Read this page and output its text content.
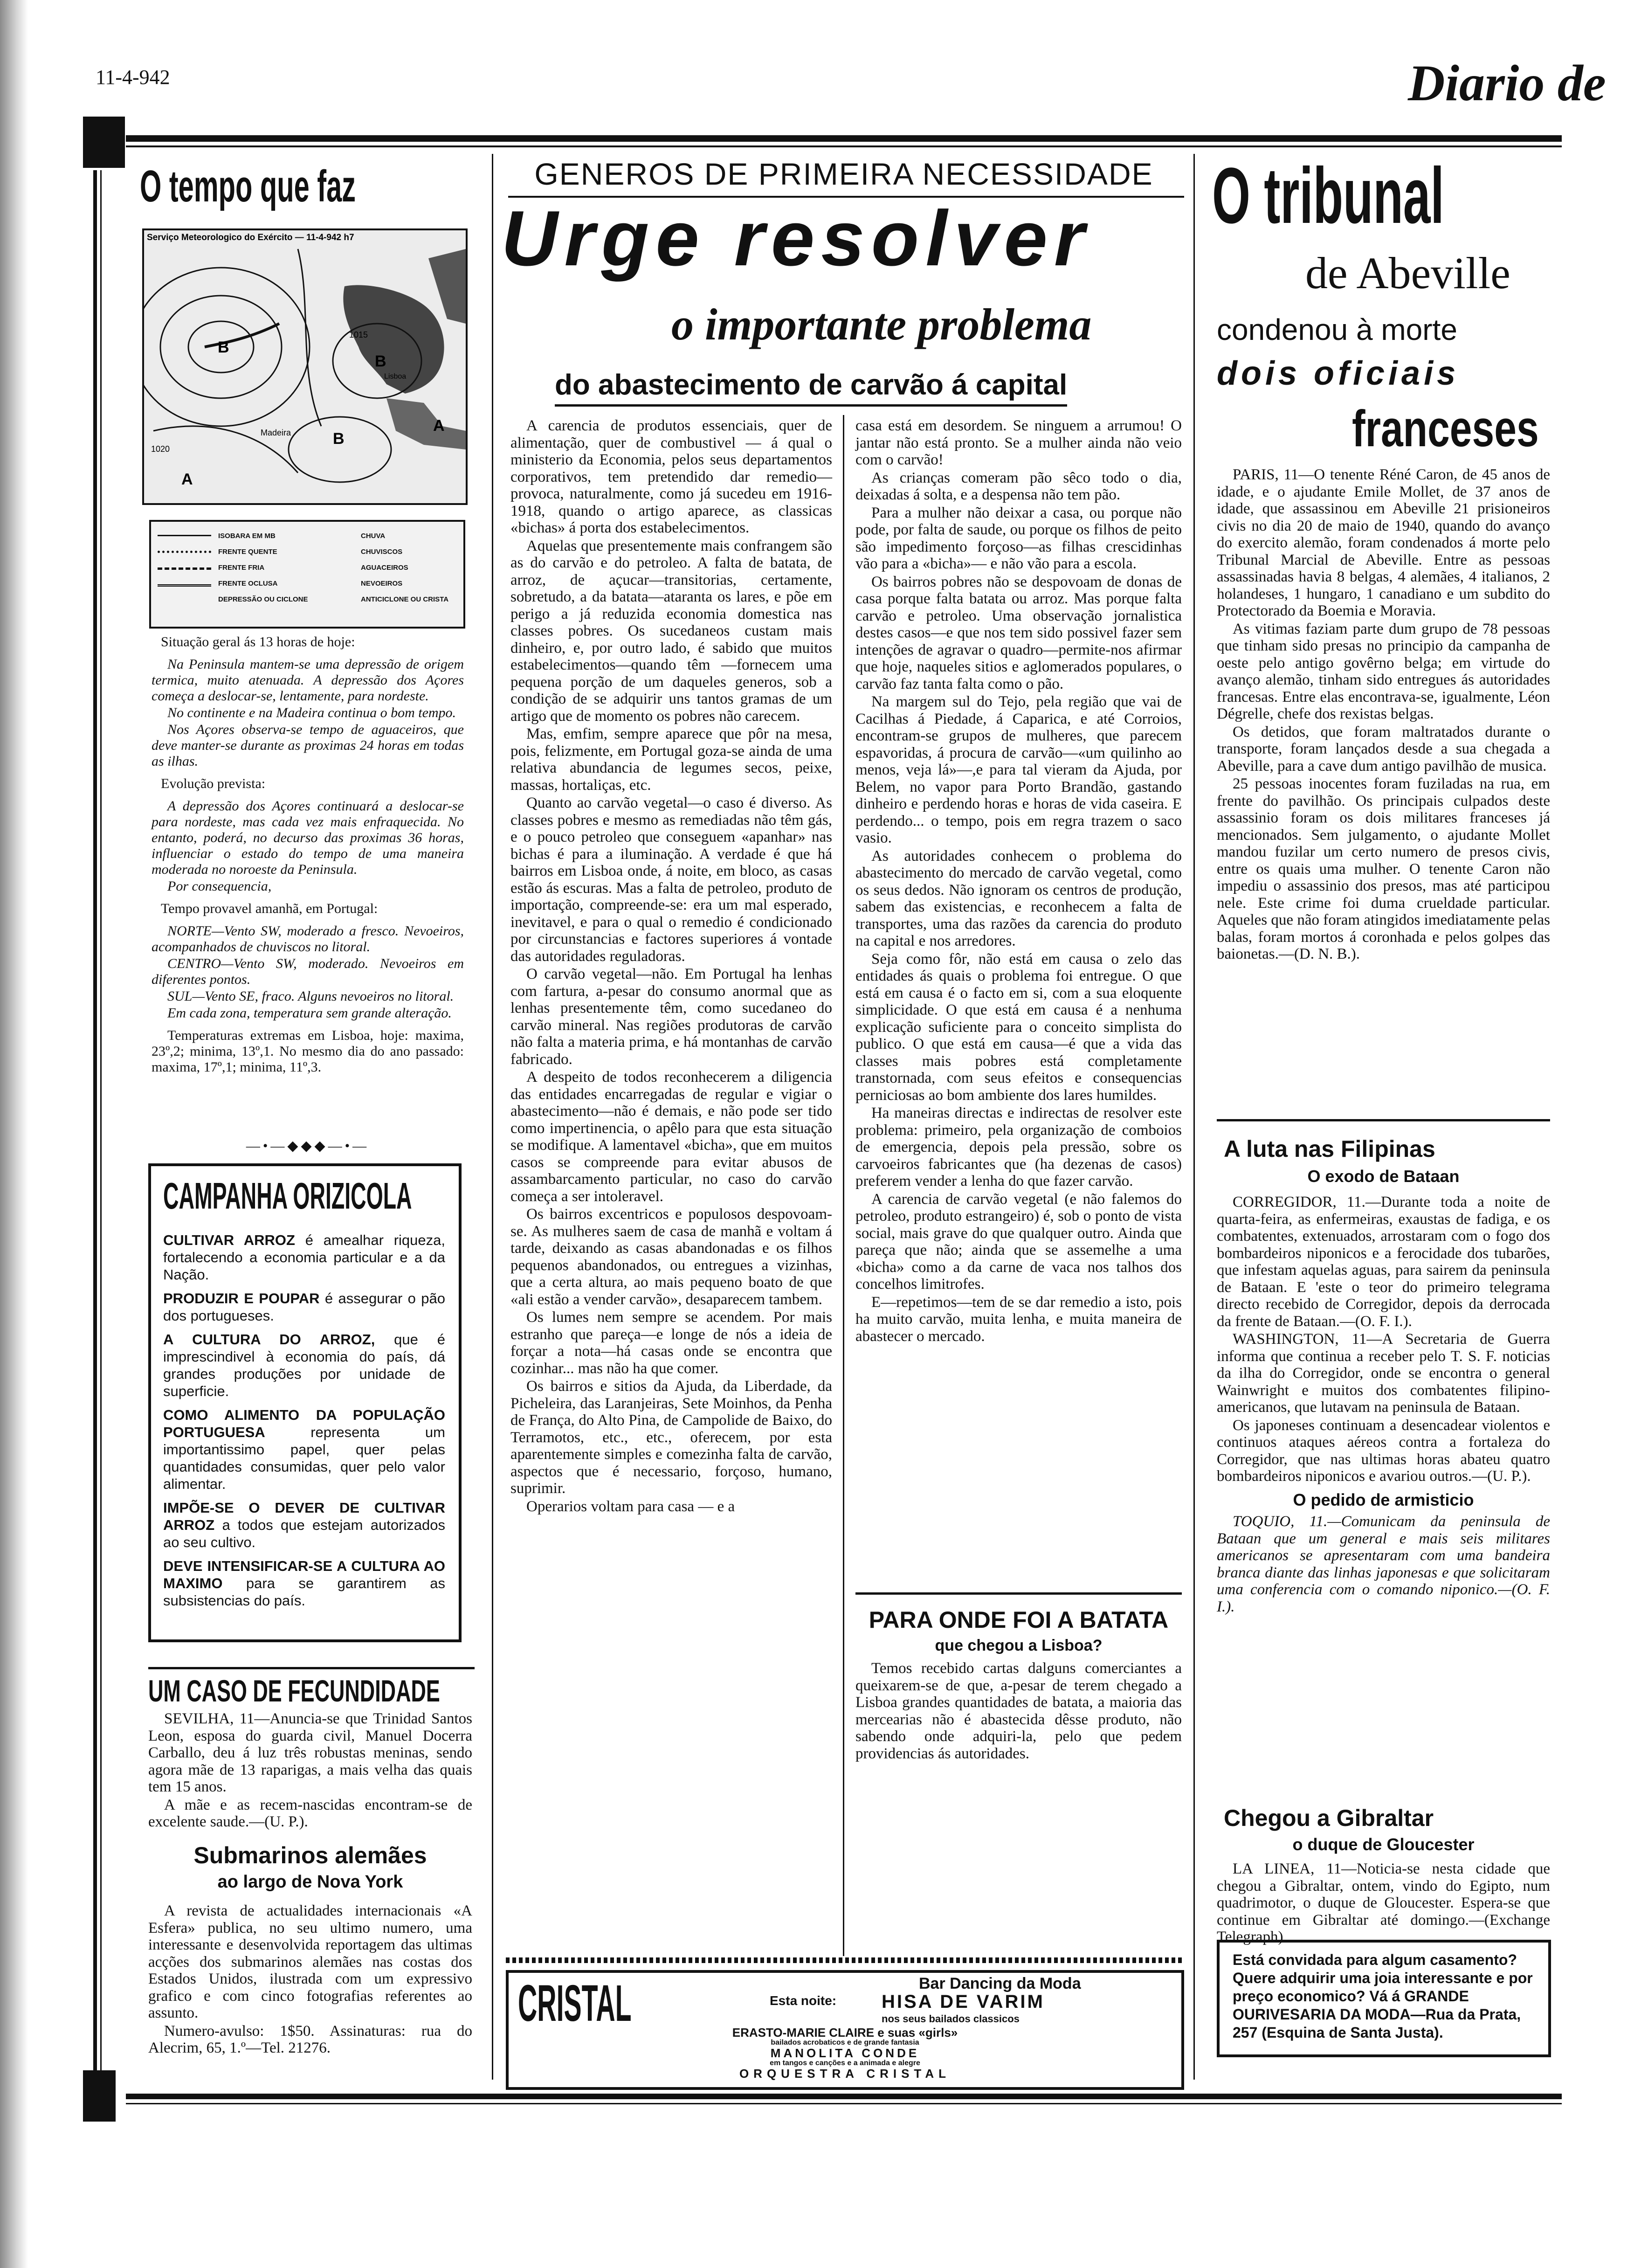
11-4-942	Diario de
O tempo que faz
B
B
B
A
A
Lisboa
Madeira
1020
1015
Serviço Meteorologico do Exército — 11-4-942 h7
ISOBARA EM MB
FRENTE QUENTE
FRENTE FRIA
FRENTE OCLUSA
DEPRESSÃO OU CICLONE
CHUVA
CHUVISCOS
AGUACEIROS
NEVOEIROS
ANTICICLONE OU CRISTA

Situação geral ás 13 horas de hoje:

Na Peninsula mantem-se uma depressão de origem termica, muito atenuada. A depressão dos Açores começa a deslocar-se, lentamente, para nordeste.

No continente e na Madeira continua o bom tempo.

Nos Açores observa-se tempo de aguaceiros, que deve manter-se durante as proximas 24 horas em todas as ilhas.

Evolução prevista:

A depressão dos Açores continuará a deslocar-se para nordeste, mas cada vez mais enfraquecida. No entanto, poderá, no decurso das proximas 36 horas, influenciar o estado do tempo de uma maneira moderada no noroeste da Peninsula.

Por consequencia,

Tempo provavel amanhã, em Portugal:

NORTE—Vento SW, moderado a fresco. Nevoeiros, acompanhados de chuviscos no litoral.

CENTRO—Vento SW, moderado. Nevoeiros em diferentes pontos.

SUL—Vento SE, fraco. Alguns nevoeiros no litoral.

Em cada zona, temperatura sem grande alteração.

Temperaturas extremas em Lisboa, hoje: maxima, 23º,2; minima, 13º,1. No mesmo dia do ano passado: maxima, 17º,1; minima, 11º,3.

—•—◆◆◆—•—
CAMPANHA ORIZICOLA
CULTIVAR ARROZ é amealhar riqueza, fortalecendo a economia particular e a da Nação.
PRODUZIR E POUPAR é assegurar o pão dos portugueses.
A CULTURA DO ARROZ, que é imprescindivel à economia do país, dá grandes produções por unidade de superficie.
COMO ALIMENTO DA POPULAÇÃO PORTUGUESA representa um importantissimo papel, quer pelas quantidades consumidas, quer pelo valor alimentar.
IMPÕE-SE O DEVER DE CULTIVAR ARROZ a todos que estejam autorizados ao seu cultivo.
DEVE INTENSIFICAR-SE A CULTURA AO MAXIMO para se garantirem as subsistencias do país.
UM CASO DE FECUNDIDADE

SEVILHA, 11—Anuncia-se que Trinidad Santos Leon, esposa do guarda civil, Manuel Docerra Carballo, deu á luz três robustas meninas, sendo agora mãe de 13 raparigas, a mais velha das quais tem 15 anos.

A mãe e as recem-nascidas encontram-se de excelente saude.—(U. P.).

Submarinos alemães
ao largo de Nova York

A revista de actualidades internacionais «A Esfera» publica, no seu ultimo numero, uma interessante e desenvolvida reportagem das ultimas acções dos submarinos alemães nas costas dos Estados Unidos, ilustrada com um expressivo grafico e com cinco fotografias referentes ao assunto.

Numero-avulso: 1$50. Assinaturas: rua do Alecrim, 65, 1.º—Tel. 21276.

GENEROS DE PRIMEIRA NECESSIDADE
Urge resolver
o importante problema
do abastecimento de carvão á capital

A carencia de produtos essenciais, quer de alimentação, quer de combustivel — á qual o ministerio da Economia, pelos seus departamentos corporativos, tem pretendido dar remedio—provoca, naturalmente, como já sucedeu em 1916-1918, quando o artigo aparece, as classicas «bichas» á porta dos estabelecimentos.

Aquelas que presentemente mais confrangem são as do carvão e do petroleo. A falta de batata, de arroz, de açucar—transitorias, certamente, sobretudo, a da batata—ataranta os lares, e põe em perigo a já reduzida economia domestica nas classes pobres. Os sucedaneos custam mais dinheiro, e, por outro lado, é sabido que muitos estabelecimentos—quando têm —fornecem uma pequena porção de um daqueles generos, sob a condição de se adquirir uns tantos gramas de um artigo que de momento os pobres não carecem.

Mas, emfim, sempre aparece que pôr na mesa, pois, felizmente, em Portugal goza-se ainda de uma relativa abundancia de legumes secos, peixe, massas, hortaliças, etc.

Quanto ao carvão vegetal—o caso é diverso. As classes pobres e mesmo as remediadas não têm gás, e o pouco petroleo que conseguem «apanhar» nas bichas é para a iluminação. A verdade é que há bairros em Lisboa onde, á noite, em bloco, as casas estão ás escuras. Mas a falta de petroleo, produto de importação, compreende-se: era um mal esperado, inevitavel, e para o qual o remedio é condicionado por circunstancias e factores superiores á vontade das autoridades reguladoras.

O carvão vegetal—não. Em Portugal ha lenhas com fartura, a-pesar do consumo anormal que as lenhas presentemente têm, como sucedaneo do carvão mineral. Nas regiões produtoras de carvão não falta a materia prima, e há montanhas de carvão fabricado.

A despeito de todos reconhecerem a diligencia das entidades encarregadas de regular e vigiar o abastecimento—não é demais, e não pode ser tido como impertinencia, o apêlo para que esta situação se modifique. A lamentavel «bicha», que em muitos casos se compreende para evitar abusos de assambarcamento particular, no caso do carvão começa a ser intoleravel.

Os bairros excentricos e populosos despovoam-se. As mulheres saem de casa de manhã e voltam á tarde, deixando as casas abandonadas e os filhos pequenos abandonados, ou entregues a vizinhas, que a certa altura, ao mais pequeno boato de que «ali estão a vender carvão», desaparecem tambem.

Os lumes nem sempre se acendem. Por mais estranho que pareça—e longe de nós a ideia de forçar a nota—há casas onde se encontra que cozinhar... mas não ha que comer.

Os bairros e sitios da Ajuda, da Liberdade, da Picheleira, das Laranjeiras, Sete Moinhos, da Penha de França, do Alto Pina, de Campolide de Baixo, do Terramotos, etc., etc., oferecem, por esta aparentemente simples e comezinha falta de carvão, aspectos que é necessario, forçoso, humano, suprimir.

Operarios voltam para casa — e a

casa está em desordem. Se ninguem a arrumou! O jantar não está pronto. Se a mulher ainda não veio com o carvão!

As crianças comeram pão sêco todo o dia, deixadas á solta, e a despensa não tem pão.

Para a mulher não deixar a casa, ou porque não pode, por falta de saude, ou porque os filhos de peito são impedimento forçoso—as filhas crescidinhas vão para a «bicha»— e não vão para a escola.

Os bairros pobres não se despovoam de donas de casa porque falta batata ou arroz. Mas porque falta carvão e petroleo. Uma observação jornalistica destes casos—e que nos tem sido possivel fazer sem intenções de agravar o quadro—permite-nos afirmar que hoje, naqueles sitios e aglomerados populares, o carvão faz tanta falta como o pão.

Na margem sul do Tejo, pela região que vai de Cacilhas á Piedade, á Caparica, e até Corroios, encontram-se grupos de mulheres, que parecem espavoridas, á procura de carvão—«um quilinho ao menos, veja lá»—,e para tal vieram da Ajuda, por Belem, no vapor para Porto Brandão, gastando dinheiro e perdendo horas e horas de vida caseira. E perdendo... o tempo, pois em regra trazem o saco vasio.

As autoridades conhecem o problema do abastecimento do mercado de carvão vegetal, como os seus dedos. Não ignoram os centros de produção, sabem das existencias, e reconhecem a falta de transportes, uma das razões da carencia do produto na capital e nos arredores.

Seja como fôr, não está em causa o zelo das entidades ás quais o problema foi entregue. O que está em causa é o facto em si, com a sua eloquente simplicidade. O que está em causa é a nenhuma explicação suficiente para o conceito simplista do publico. O que está em causa—é que a vida das classes mais pobres está completamente transtornada, com seus efeitos e consequencias perniciosas ao bom ambiente dos lares humildes.

Ha maneiras directas e indirectas de resolver este problema: primeiro, pela organização de comboios de emergencia, depois pela pressão, sobre os carvoeiros fabricantes que (ha dezenas de casos) preferem vender a lenha do que fazer carvão.

A carencia de carvão vegetal (e não falemos do petroleo, produto estrangeiro) é, sob o ponto de vista social, mais grave do que qualquer outro. Ainda que pareça que não; ainda que se assemelhe a uma «bicha» como a da carne de vaca nos talhos dos concelhos limitrofes.

E—repetimos—tem de se dar remedio a isto, pois ha muito carvão, muita lenha, e muita maneira de abastecer o mercado.

PARA ONDE FOI A BATATA
que chegou a Lisboa?

Temos recebido cartas dalguns comerciantes a queixarem-se de que, a-pesar de terem chegado a Lisboa grandes quantidades de batata, a maioria das mercearias não é abastecida dêsse produto, não sabendo onde adquiri-la, pelo que pedem providencias ás autoridades.

CRISTAL	Bar Dancing da Moda
Esta noite: HISA DE VARIM
nos seus bailados classicos
ERASTO-MARIE CLAIRE e suas «girls»
bailados acrobaticos e de grande fantasia
MANOLITA CONDE
em tangos e canções e a animada e alegre
ORQUESTRA CRISTAL
O tribunal
de Abeville
condenou à morte
dois oficiais
franceses

PARIS, 11—O tenente Réné Caron, de 45 anos de idade, e o ajudante Emile Mollet, de 37 anos de idade, que assassinou em Abeville 21 prisioneiros civis no dia 20 de maio de 1940, quando do avanço do exercito alemão, foram condenados á morte pelo Tribunal Marcial de Abeville. Entre as pessoas assassinadas havia 8 belgas, 4 alemães, 4 italianos, 2 holandeses, 1 hungaro, 1 canadiano e um subdito do Protectorado da Boemia e Moravia.

As vitimas faziam parte dum grupo de 78 pessoas que tinham sido presas no principio da campanha de oeste pelo antigo govêrno belga; em virtude do avanço alemão, tinham sido entregues ás autoridades francesas. Entre elas encontrava-se, igualmente, Léon Dégrelle, chefe dos rexistas belgas.

Os detidos, que foram maltratados durante o transporte, foram lançados desde a sua chegada a Abeville, para a cave dum antigo pavilhão de musica.

25 pessoas inocentes foram fuziladas na rua, em frente do pavilhão. Os principais culpados deste assassinio foram os dois militares franceses já mencionados. Sem julgamento, o ajudante Mollet mandou fuzilar um certo numero de presos civis, entre os quais uma mulher. O tenente Caron não impediu o assassinio dos presos, mas até participou nele. Este crime foi duma crueldade particular. Aqueles que não foram atingidos imediatamente pelas balas, foram mortos á coronhada e pelos golpes das baionetas.—(D. N. B.).

A luta nas Filipinas
O exodo de Bataan

CORREGIDOR, 11.—Durante toda a noite de quarta-feira, as enfermeiras, exaustas de fadiga, e os combatentes, extenuados, arrostaram com o fogo dos bombardeiros niponicos e a ferocidade dos tubarões, que infestam aquelas aguas, para sairem da peninsula de Bataan. E 'este o teor do primeiro telegrama directo recebido de Corregidor, depois da derrocada da frente de Bataan.—(O. F. I.).

WASHINGTON, 11—A Secretaria de Guerra informa que continua a receber pelo T. S. F. noticias da ilha do Corregidor, onde se encontra o general Wainwright e muitos dos combatentes filipino-americanos, que lutavam na peninsula de Bataan.

Os japoneses continuam a desencadear violentos e continuos ataques aéreos contra a fortaleza do Corregidor, que nas ultimas horas abateu quatro bombardeiros niponicos e avariou outros.—(U. P.).

O pedido de armisticio

TOQUIO, 11.—Comunicam da peninsula de Bataan que um general e mais seis militares americanos se apresentaram com uma bandeira branca diante das linhas japonesas e que solicitaram uma conferencia com o comando niponico.—(O. F. I.).

Chegou a Gibraltar
o duque de Gloucester

LA LINEA, 11—Noticia-se nesta cidade que chegou a Gibraltar, ontem, vindo do Egipto, num quadrimotor, o duque de Gloucester. Espera-se que continue em Gibraltar até domingo.—(Exchange Telegraph).

Está convidada para algum casamento? Quere adquirir uma joia interessante e por preço economico? Vá á GRANDE OURIVESARIA DA MODA—Rua da Prata, 257 (Esquina de Santa Justa).
